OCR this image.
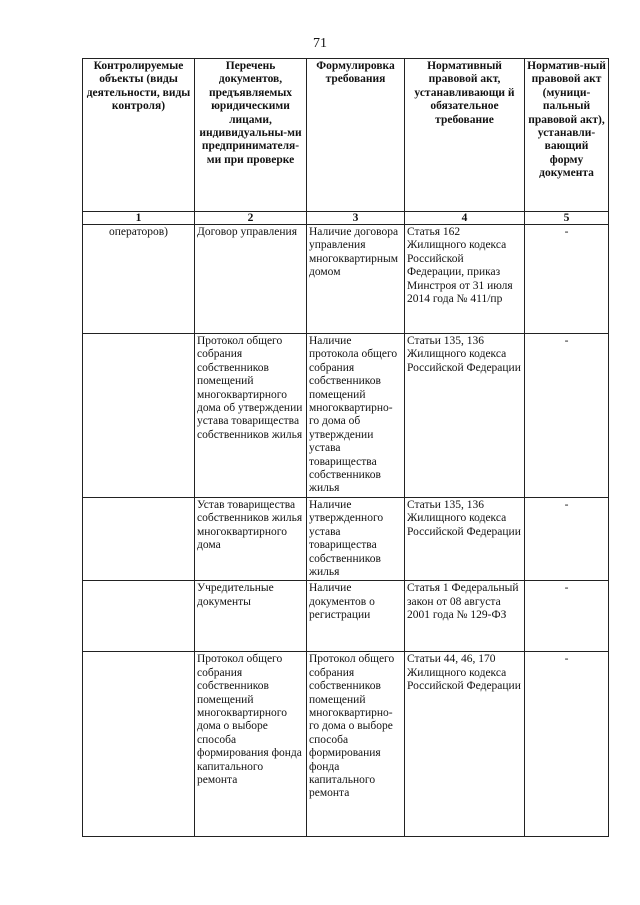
71
Контролируемые объекты (виды деятельности, виды контроля)	Перечень документов, предъявляемых юридическими лицами, индивидуальны-ми предпринимателя-ми при проверке	Формулировка требования	Нормативный правовой акт, устанавливающи й обязательное требование	Норматив-ный правовой акт (муници-пальный правовой акт), устанавли-вающий форму документа
1	2	3	4	5
операторов)	Договор управления	Наличие договора управления многоквартирным домом	Статья 162 Жилищного кодекса Российской Федерации, приказ Минстроя от 31 июля 2014 года № 411/пр	-
	Протокол общего собрания собственников помещений многоквартирного дома об утверждении устава товарищества собственников жилья	Наличие протокола общего собрания собственников помещений многоквартирно-го дома об утверждении устава товарищества собственников жилья	Статьи 135, 136 Жилищного кодекса Российской Федерации	-
	Устав товарищества собственников жилья многоквартирного дома	Наличие утвержденного устава товарищества собственников жилья	Статьи 135, 136 Жилищного кодекса Российской Федерации	-
	Учредительные документы	Наличие документов о регистрации	Статья 1 Федеральный закон от 08 августа 2001 года № 129-ФЗ	-
	Протокол общего собрания собственников помещений многоквартирного дома о выборе способа формирования фонда капитального ремонта	Протокол общего собрания собственников помещений многоквартирно-го дома о выборе способа формирования фонда капитального ремонта	Статьи 44, 46, 170 Жилищного кодекса Российской Федерации	-
